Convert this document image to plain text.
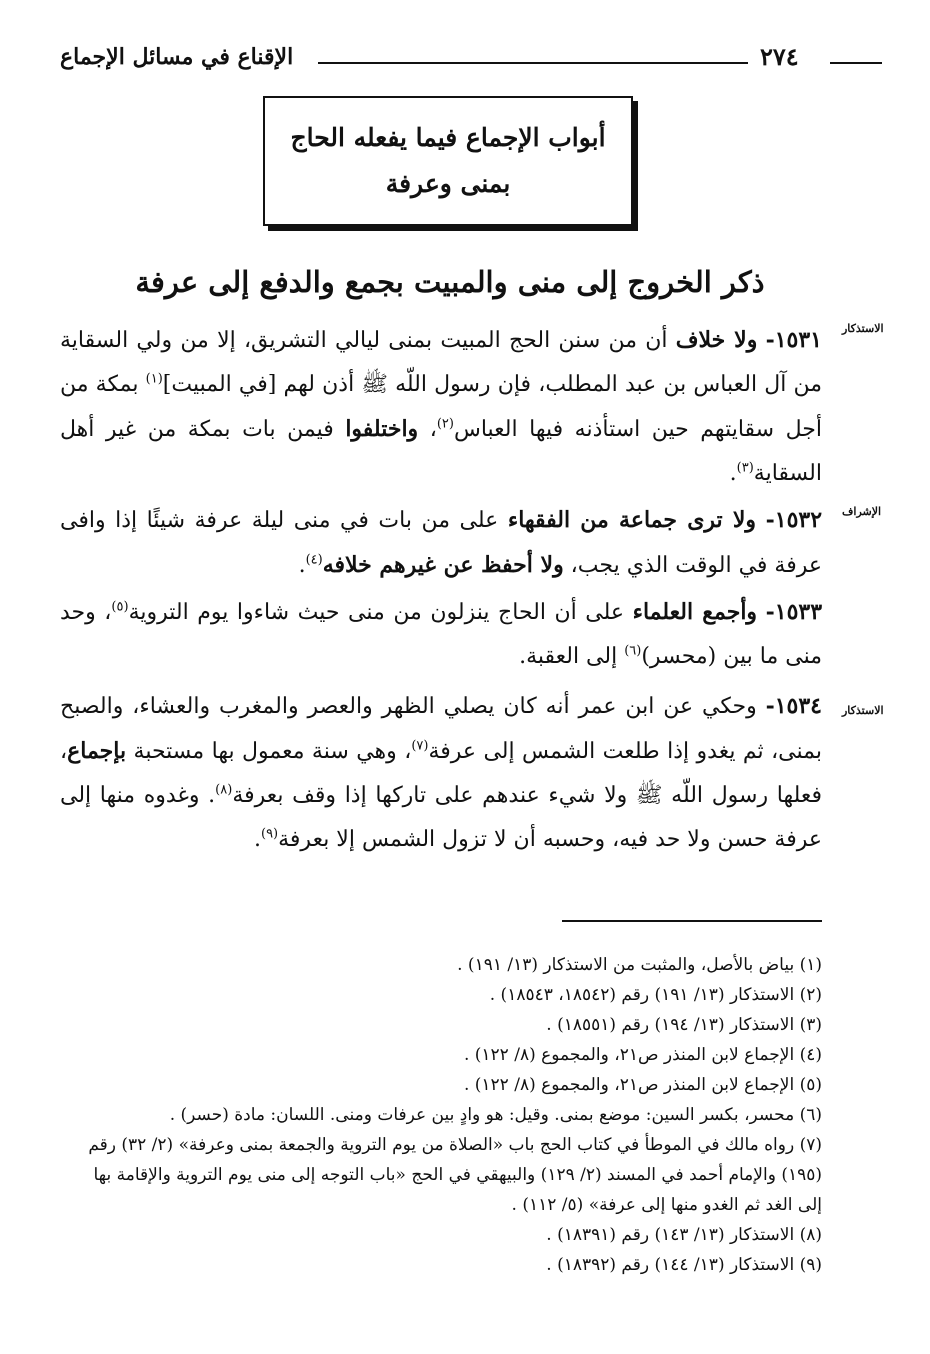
الإقناع في مسائل الإجماع	٢٧٤
أبواب الإجماع فيما يفعله الحاج
بمنى وعرفة
ذكر الخروج إلى منى والمبيت بجمع والدفع إلى عرفة
الاستذكار
١٥٣١- ولا خلاف أن من سنن الحج المبيت بمنى ليالي التشريق، إلا من ولي السقاية من آل العباس بن عبد المطلب، فإن رسول اللّه ﷺ أذن لهم [في المبيت]$^{(١)}$ بمكة من أجل سقايتهم حين استأذنه فيها العباس$^{(٢)}$، واختلفوا فيمن بات بمكة من غير أهل السقاية$^{(٣)}$.
الإشراف
١٥٣٢- ولا ترى جماعة من الفقهاء على من بات في منى ليلة عرفة شيئًا إذا وافى عرفة في الوقت الذي يجب، ولا أحفظ عن غيرهم خلافه$^{(٤)}$.
١٥٣٣- وأجمع العلماء على أن الحاج ينزلون من منى حيث شاءوا يوم التروية$^{(٥)}$، وحد منى ما بين (محسر)$^{(٦)}$ إلى العقبة.
الاستذكار
١٥٣٤- وحكي عن ابن عمر أنه كان يصلي الظهر والعصر والمغرب والعشاء، والصبح بمنى، ثم يغدو إذا طلعت الشمس إلى عرفة$^{(٧)}$، وهي سنة معمول بها مستحبة بإجماع، فعلها رسول اللّه ﷺ ولا شيء عندهم على تاركها إذا وقف بعرفة$^{(٨)}$. وغدوه منها إلى عرفة حسن ولا حد فيه، وحسبه أن لا تزول الشمس إلا بعرفة$^{(٩)}$.
(١) بياض بالأصل، والمثبت من الاستذكار (١٣/ ١٩١) .
(٢) الاستذكار (١٣/ ١٩١) رقم (١٨٥٤٢، ١٨٥٤٣) .
(٣) الاستذكار (١٣/ ١٩٤) رقم (١٨٥٥١) .
(٤) الإجماع لابن المنذر ص٢١، والمجموع (٨/ ١٢٢) .
(٥) الإجماع لابن المنذر ص٢١، والمجموع (٨/ ١٢٢) .
(٦) محسر، بكسر السين: موضع بمنى. وقيل: هو وادٍ بين عرفات ومنى. اللسان: مادة (حسر) .
(٧) رواه مالك في الموطأ في كتاب الحج باب «الصلاة من يوم التروية والجمعة بمنى وعرفة» (٢/ ٣٢) رقم (١٩٥) والإمام أحمد في المسند (٢/ ١٢٩) والبيهقي في الحج «باب التوجه إلى منى يوم التروية والإقامة بها إلى الغد ثم الغدو منها إلى عرفة» (٥/ ١١٢) .
(٨) الاستذكار (١٣/ ١٤٣) رقم (١٨٣٩١) .
(٩) الاستذكار (١٣/ ١٤٤) رقم (١٨٣٩٢) .
